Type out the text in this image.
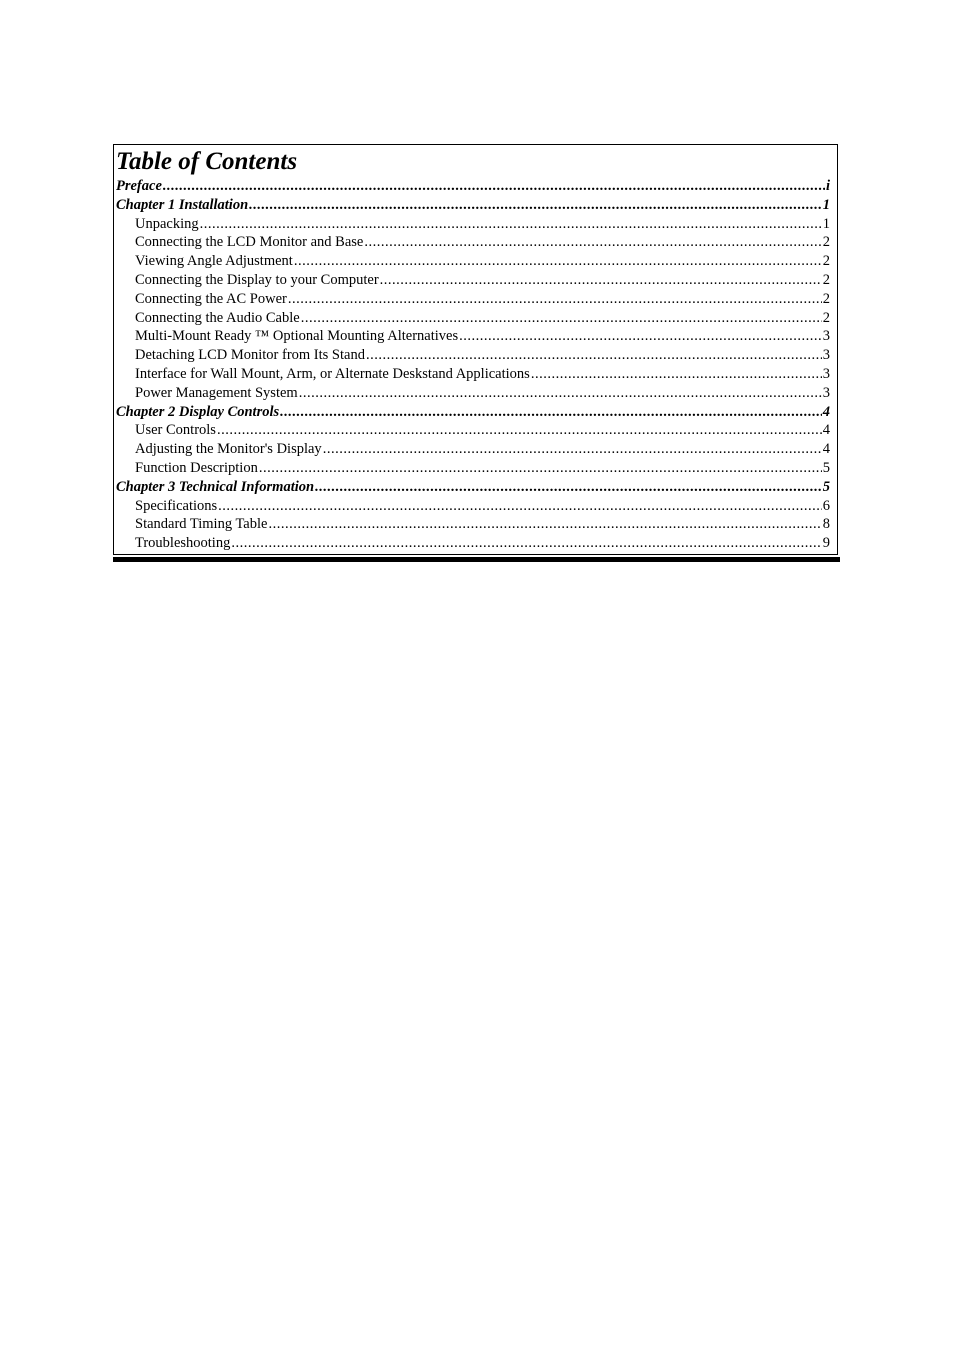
Table of Contents
Preface .....	i
Chapter 1 Installation .....	1
Unpacking .....	1
Connecting the LCD Monitor and Base .....	2
Viewing Angle Adjustment .....	2
Connecting the Display to your Computer .....	2
Connecting the AC Power .....	2
Connecting the Audio Cable .....	2
Multi-Mount Ready ™ Optional Mounting Alternatives .....	3
Detaching LCD Monitor from Its Stand .....	3
Interface for Wall Mount, Arm, or Alternate Deskstand Applications .....	3
Power Management System .....	3
Chapter 2 Display Controls .....	4
User Controls .....	4
Adjusting the Monitor's Display .....	4
Function Description .....	5
Chapter 3 Technical Information .....	5
Specifications .....	6
Standard Timing Table .....	8
Troubleshooting .....	9
